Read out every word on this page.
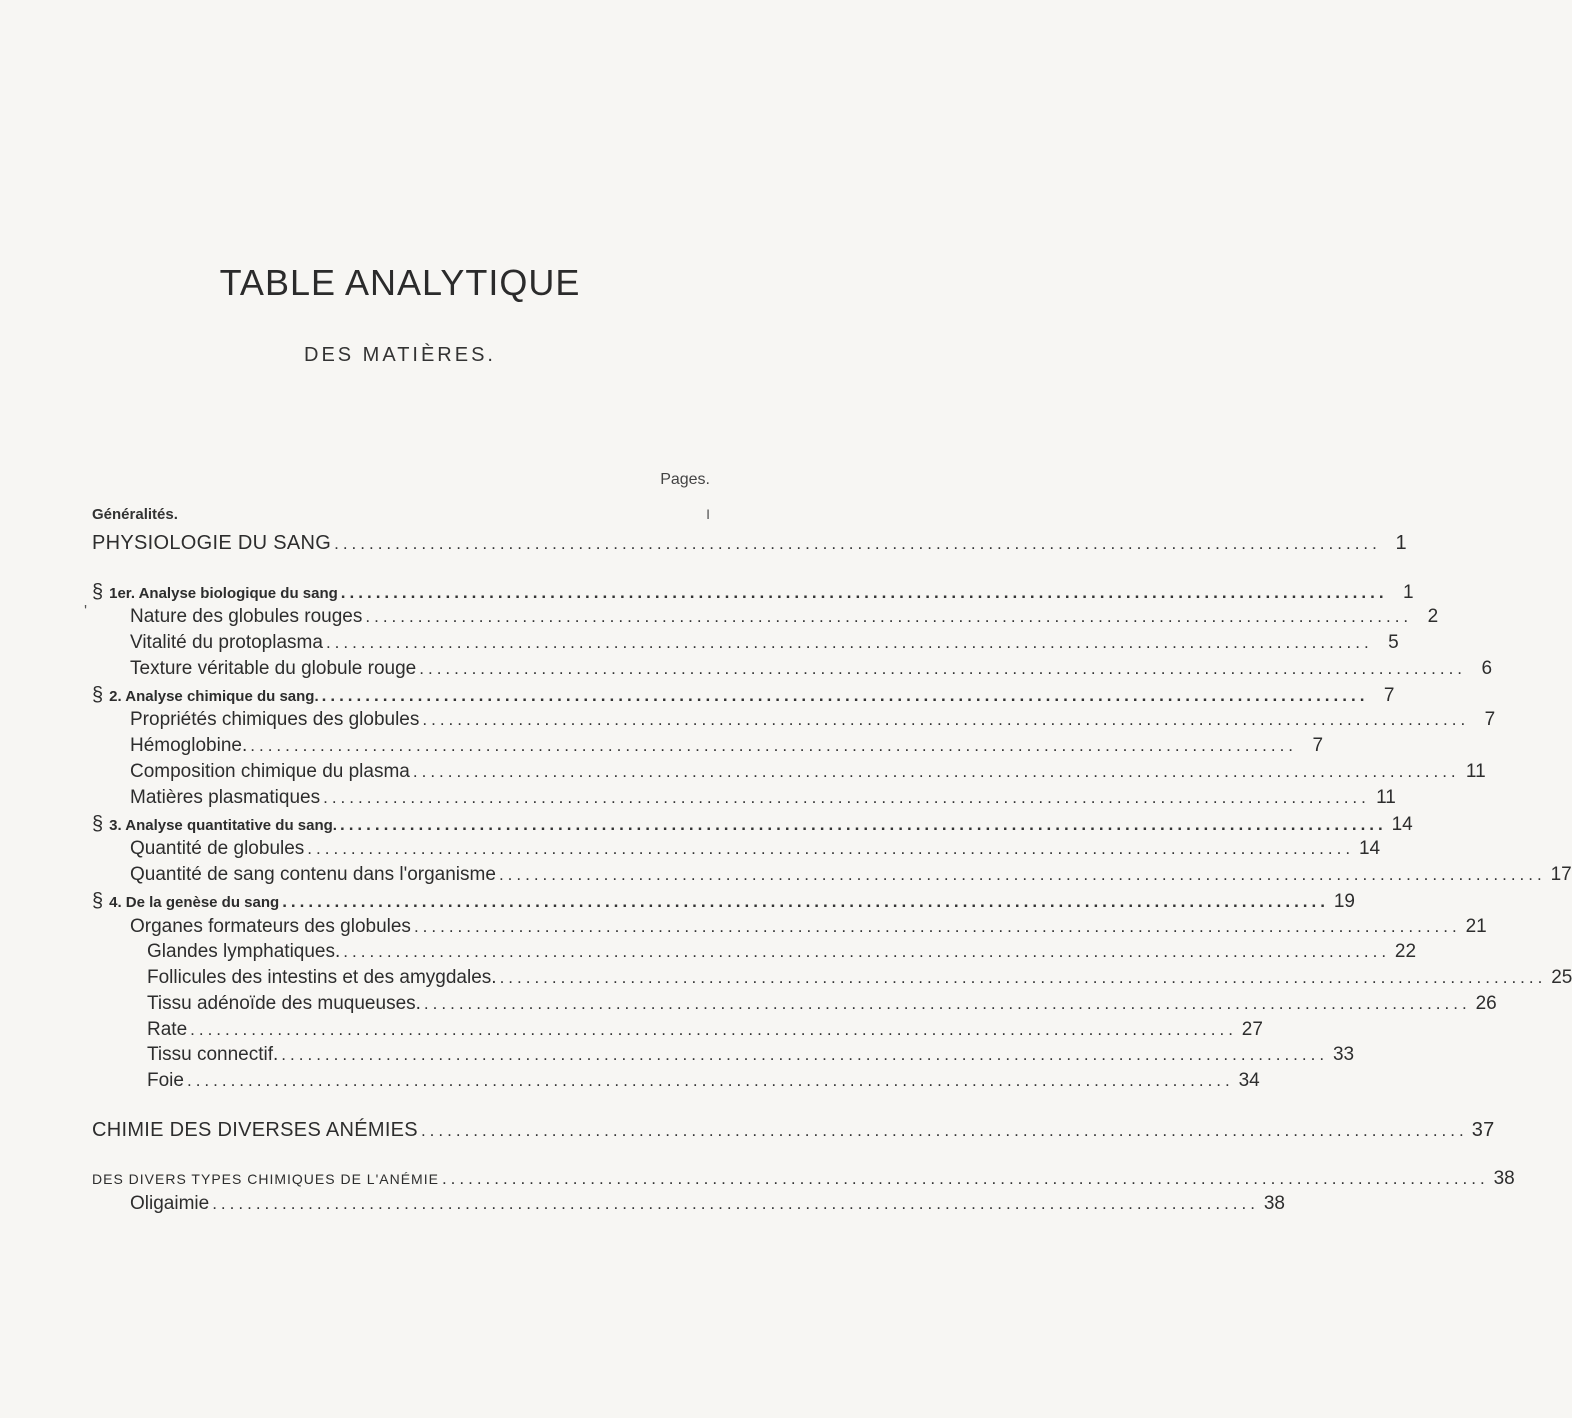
TABLE ANALYTIQUE
DES MATIÈRES.
Pages.
Généralités.	I
'
PHYSIOLOGIE DU SANG ........................................................................................................................ 1
§ 1er. Analyse biologique du sang ........................................................................................................................ 1
Nature des globules rouges ........................................................................................................................ 2
Vitalité du protoplasma ........................................................................................................................ 5
Texture véritable du globule rouge ........................................................................................................................ 6
§ 2. Analyse chimique du sang. ........................................................................................................................ 7
Propriétés chimiques des globules ........................................................................................................................ 7
Hémoglobine. ........................................................................................................................ 7
Composition chimique du plasma ........................................................................................................................ 11
Matières plasmatiques ........................................................................................................................ 11
§ 3. Analyse quantitative du sang. ........................................................................................................................ 14
Quantité de globules ........................................................................................................................ 14
Quantité de sang contenu dans l'organisme ........................................................................................................................ 17
§ 4. De la genèse du sang ........................................................................................................................ 19
Organes formateurs des globules ........................................................................................................................ 21
Glandes lymphatiques. ........................................................................................................................ 22
Follicules des intestins et des amygdales. ........................................................................................................................ 25
Tissu adénoïde des muqueuses. ........................................................................................................................ 26
Rate ........................................................................................................................ 27
Tissu connectif. ........................................................................................................................ 33
Foie ........................................................................................................................ 34
CHIMIE DES DIVERSES ANÉMIES ........................................................................................................................ 37
DES DIVERS TYPES CHIMIQUES DE L'ANÉMIE ........................................................................................................................ 38
Oligaimie ........................................................................................................................ 38
